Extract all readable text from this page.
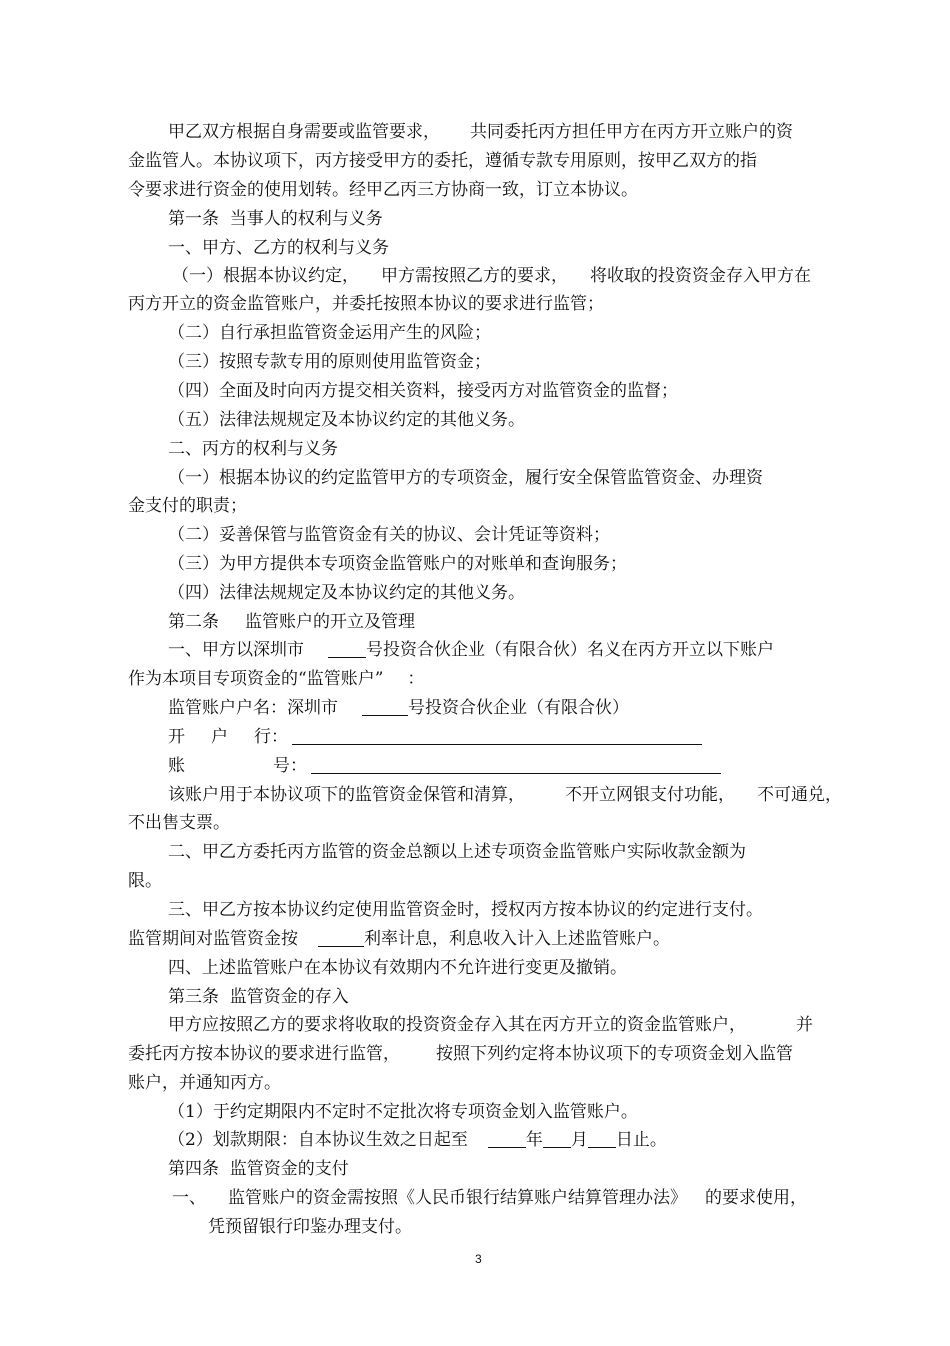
3
甲乙双方根据自身需要或监管要求， 共同委托丙方担任甲方在丙方开立账户的资
金监管人。本协议项下，丙方接受甲方的委托，遵循专款专用原则，按甲乙双方的指
令要求进行资金的使用划转。经甲乙丙三方协商一致，订立本协议。
第一条  当事人的权利与义务
一、甲方、乙方的权利与义务
（一）根据本协议约定， 甲方需按照乙方的要求， 将收取的投资资金存入甲方在
丙方开立的资金监管账户，并委托按照本协议的要求进行监管；
（二）自行承担监管资金运用产生的风险；
（三）按照专款专用的原则使用监管资金；
（四）全面及时向丙方提交相关资料，接受丙方对监管资金的监督；
（五）法律法规规定及本协议约定的其他义务。
二、丙方的权利与义务
（一）根据本协议的约定监管甲方的专项资金，履行安全保管监管资金、办理资
金支付的职责；
（二）妥善保管与监管资金有关的协议、会计凭证等资料；
（三）为甲方提供本专项资金监管账户的对账单和查询服务；
（四）法律法规规定及本协议约定的其他义务。
第二条 监管账户的开立及管理
一、甲方以深圳市	号投资合伙企业（有限合伙）名义在丙方开立以下账户
作为本项目专项资金的“监管账户” ：
监管账户户名：深圳市	号投资合伙企业（有限合伙）
开 户 行：
账	号：
该账户用于本协议项下的监管资金保管和清算， 不开立网银支付功能， 不可通兑，
不出售支票。
二、甲乙方委托丙方监管的资金总额以上述专项资金监管账户实际收款金额为
限。
三、甲乙方按本协议约定使用监管资金时，授权丙方按本协议的约定进行支付。
监管期间对监管资金按	利率计息，利息收入计入上述监管账户。
四、上述监管账户在本协议有效期内不允许进行变更及撤销。
第三条  监管资金的存入
甲方应按照乙方的要求将收取的投资资金存入其在丙方开立的资金监管账户，	并
委托丙方按本协议的要求进行监管， 按照下列约定将本协议项下的专项资金划入监管
账户，并通知丙方。
（1）于约定期限内不定时不定批次将专项资金划入监管账户。
（2）划款期限：自本协议生效之日起至	年 月 日止。
第四条  监管资金的支付
一、 监管账户的资金需按照《人民币银行结算账户结算管理办法》 的要求使用，
凭预留银行印鉴办理支付。
